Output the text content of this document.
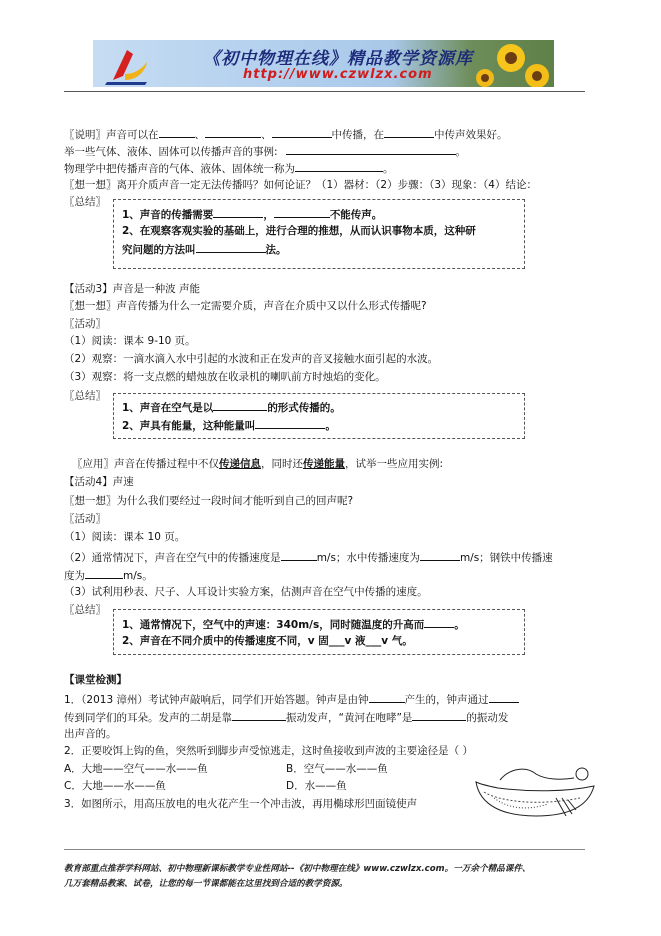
《初中物理在线》精品教学资源库
http://www.czwlzx.com
〖说明〗声音可以在	、	、	中传播，在	中传声效果好。
举一些气体、液体、固体可以传播声音的事例:	。
物理学中把传播声音的气体、液体、固体统一称为	。
〖想一想〗离开介质声音一定无法传播吗？如何论证？（1）器材：（2）步骤：（3）现象：（4）结论：
〖总结〗
1、声音的传播需要	，	不能传声。
2、在观察客观实验的基础上，进行合理的推想，从而认识事物本质，这种研
究问题的方法叫	法。
【活动3】声音是一种波 声能
〖想一想〗声音传播为什么一定需要介质，声音在介质中又以什么形式传播呢?
〖活动〗
（1）阅读：课本 9-10 页。
（2）观察：一滴水滴入水中引起的水波和正在发声的音叉接触水面引起的水波。
（3）观察：将一支点燃的蜡烛放在收录机的喇叭前方时烛焰的变化。
〖总结〗
1、声音在空气是以	的形式传播的。
2、声具有能量，这种能量叫	。
〖应用〗声音在传播过程中不仅传递信息，同时还传递能量，试举一些应用实例:
【活动4】声速
〖想一想〗为什么我们要经过一段时间才能听到自己的回声呢?
〖活动〗
（1）阅读：课本 10 页。
（2）通常情况下，声音在空气中的传播速度是	m/s；水中传播速度为	m/s；钢铁中传播速
度为	m/s。
（3）试利用秒表、尺子、人耳设计实验方案，估测声音在空气中传播的速度。
〖总结〗
1、通常情况下，空气中的声速：340m/s，同时随温度的升高而	。
2、声音在不同介质中的传播速度不同，v 固___v 液___v 气。
【课堂检测】
1．（2013 漳州）考试钟声敲响后，同学们开始答题。钟声是由钟	产生的，钟声通过
传到同学们的耳朵。发声的二胡是靠	振动发声，“黄河在咆哮”是	的振动发
出声音的。
2．正要咬饵上钩的鱼，突然听到脚步声受惊逃走，这时鱼接收到声波的主要途径是（ ）
A．大地——空气——水——鱼	B．空气——水——鱼
C．大地——水——鱼	D．水——鱼
3．如图所示，用高压放电的电火花产生一个冲击波，再用椭球形凹面镜使声
教育部重点推荐学科网站、初中物理新课标教学专业性网站--《初中物理在线》www.czwlzx.com。一万余个精品课件、
几万套精品教案、试卷，让您的每一节课都能在这里找到合适的教学资源。
